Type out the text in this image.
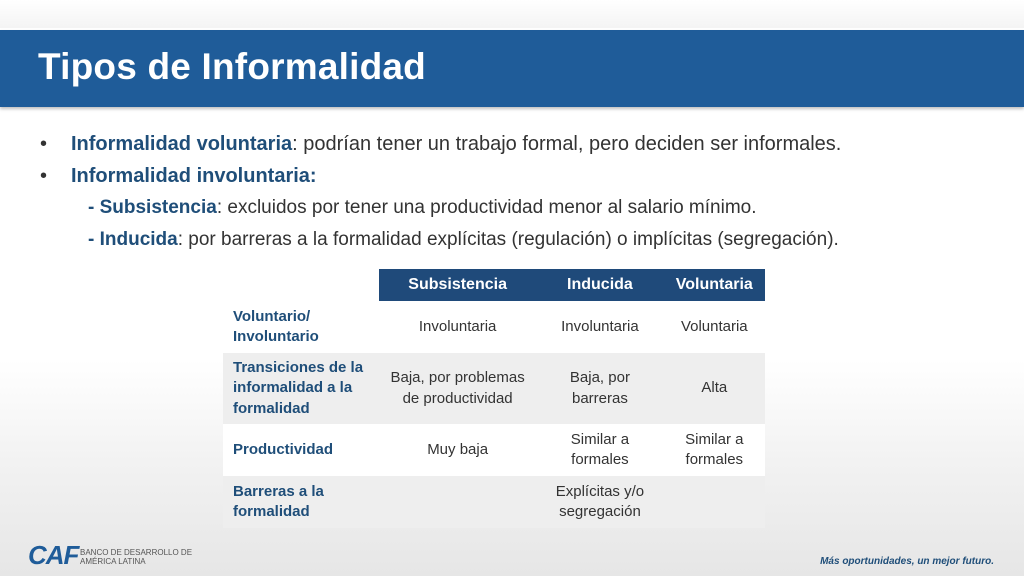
Tipos de Informalidad
• Informalidad voluntaria: podrían tener un trabajo formal, pero deciden ser informales.
• Informalidad involuntaria:
- Subsistencia: excluidos por tener una productividad menor al salario mínimo.
- Inducida: por barreras a la formalidad explícitas (regulación) o implícitas (segregación).
	Subsistencia	Inducida	Voluntaria
Voluntario/ Involuntario	Involuntaria	Involuntaria	Voluntaria
Transiciones de la informalidad a la formalidad	Baja, por problemas de productividad	Baja, por barreras	Alta
Productividad	Muy baja	Similar a formales	Similar a formales
Barreras a la formalidad		Explícitas y/o segregación	
CAF BANCO DE DESARROLLO DE AMÉRICA LATINA	Más oportunidades, un mejor futuro.
